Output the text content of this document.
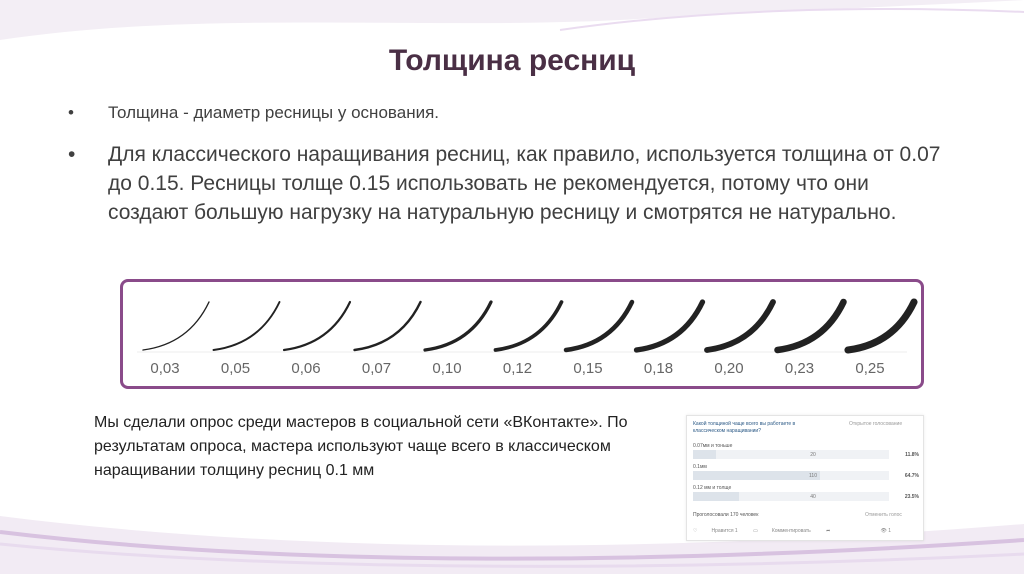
Толщина ресниц
• Толщина - диаметр ресницы у основания.
• Для классического наращивания ресниц, как правило, используется толщина от 0.07 до 0.15. Ресницы толще 0.15 использовать не рекомендуется, потому что они создают большую нагрузку на натуральную ресницу и смотрятся не натурально.
0,03	0,05	0,06	0,07	0,10	0,12	0,15	0,18	0,20	0,23	0,25
Мы сделали опрос среди мастеров в социальной сети «ВКонтакте». По результатам опроса, мастера используют чаще всего в классическом наращивании толщину ресниц 0.1 мм
Какой толщиной чаще всего вы работаете в классическом наращивании?
Открытое голосование
0.07мм и тоньше
20	11.8%
0.1мм
110	64.7%
0.12 мм и толще
40	23.5%
Проголосовали 170 человек	Отменить голос
♡	Нравится 1	▭	Комментировать	➦	👁 1
